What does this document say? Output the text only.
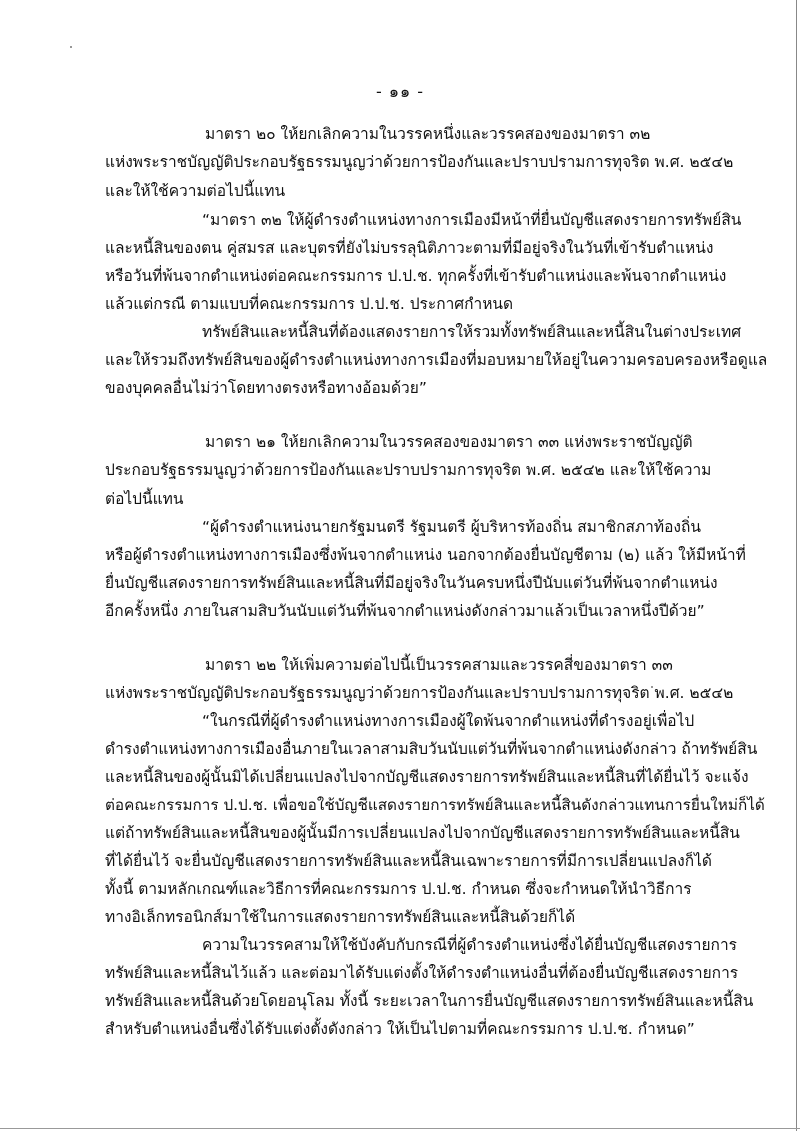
- ๑๑ -
มาตรา ๒๐ ให้ยกเลิกความในวรรคหนึ่งและวรรคสองของมาตรา ๓๒
แห่งพระราชบัญญัติประกอบรัฐธรรมนูญว่าด้วยการป้องกันและปราบปรามการทุจริต พ.ศ. ๒๕๔๒
และให้ใช้ความต่อไปนี้แทน
“มาตรา ๓๒ ให้ผู้ดำรงตำแหน่งทางการเมืองมีหน้าที่ยื่นบัญชีแสดงรายการทรัพย์สิน
และหนี้สินของตน คู่สมรส และบุตรที่ยังไม่บรรลุนิติภาวะตามที่มีอยู่จริงในวันที่เข้ารับตำแหน่ง
หรือวันที่พ้นจากตำแหน่งต่อคณะกรรมการ ป.ป.ช. ทุกครั้งที่เข้ารับตำแหน่งและพ้นจากตำแหน่ง
แล้วแต่กรณี ตามแบบที่คณะกรรมการ ป.ป.ช. ประกาศกำหนด
ทรัพย์สินและหนี้สินที่ต้องแสดงรายการให้รวมทั้งทรัพย์สินและหนี้สินในต่างประเทศ
และให้รวมถึงทรัพย์สินของผู้ดำรงตำแหน่งทางการเมืองที่มอบหมายให้อยู่ในความครอบครองหรือดูแล
ของบุคคลอื่นไม่ว่าโดยทางตรงหรือทางอ้อมด้วย”
มาตรา ๒๑ ให้ยกเลิกความในวรรคสองของมาตรา ๓๓ แห่งพระราชบัญญัติ
ประกอบรัฐธรรมนูญว่าด้วยการป้องกันและปราบปรามการทุจริต พ.ศ. ๒๕๔๒ และให้ใช้ความ
ต่อไปนี้แทน
“ผู้ดำรงตำแหน่งนายกรัฐมนตรี รัฐมนตรี ผู้บริหารท้องถิ่น สมาชิกสภาท้องถิ่น
หรือผู้ดำรงตำแหน่งทางการเมืองซึ่งพ้นจากตำแหน่ง นอกจากต้องยื่นบัญชีตาม (๒) แล้ว ให้มีหน้าที่
ยื่นบัญชีแสดงรายการทรัพย์สินและหนี้สินที่มีอยู่จริงในวันครบหนึ่งปีนับแต่วันที่พ้นจากตำแหน่ง
อีกครั้งหนึ่ง ภายในสามสิบวันนับแต่วันที่พ้นจากตำแหน่งดังกล่าวมาแล้วเป็นเวลาหนึ่งปีด้วย”
มาตรา ๒๒ ให้เพิ่มความต่อไปนี้เป็นวรรคสามและวรรคสี่ของมาตรา ๓๓
แห่งพระราชบัญญัติประกอบรัฐธรรมนูญว่าด้วยการป้องกันและปราบปรามการทุจริต พ.ศ. ๒๕๔๒
“ในกรณีที่ผู้ดำรงตำแหน่งทางการเมืองผู้ใดพ้นจากตำแหน่งที่ดำรงอยู่เพื่อไป
ดำรงตำแหน่งทางการเมืองอื่นภายในเวลาสามสิบวันนับแต่วันที่พ้นจากตำแหน่งดังกล่าว ถ้าทรัพย์สิน
และหนี้สินของผู้นั้นมิได้เปลี่ยนแปลงไปจากบัญชีแสดงรายการทรัพย์สินและหนี้สินที่ได้ยื่นไว้ จะแจ้ง
ต่อคณะกรรมการ ป.ป.ช. เพื่อขอใช้บัญชีแสดงรายการทรัพย์สินและหนี้สินดังกล่าวแทนการยื่นใหม่ก็ได้
แต่ถ้าทรัพย์สินและหนี้สินของผู้นั้นมีการเปลี่ยนแปลงไปจากบัญชีแสดงรายการทรัพย์สินและหนี้สิน
ที่ได้ยื่นไว้ จะยื่นบัญชีแสดงรายการทรัพย์สินและหนี้สินเฉพาะรายการที่มีการเปลี่ยนแปลงก็ได้
ทั้งนี้ ตามหลักเกณฑ์และวิธีการที่คณะกรรมการ ป.ป.ช. กำหนด ซึ่งจะกำหนดให้นำวิธีการ
ทางอิเล็กทรอนิกส์มาใช้ในการแสดงรายการทรัพย์สินและหนี้สินด้วยก็ได้
ความในวรรคสามให้ใช้บังคับกับกรณีที่ผู้ดำรงตำแหน่งซึ่งได้ยื่นบัญชีแสดงรายการ
ทรัพย์สินและหนี้สินไว้แล้ว และต่อมาได้รับแต่งตั้งให้ดำรงตำแหน่งอื่นที่ต้องยื่นบัญชีแสดงรายการ
ทรัพย์สินและหนี้สินด้วยโดยอนุโลม ทั้งนี้ ระยะเวลาในการยื่นบัญชีแสดงรายการทรัพย์สินและหนี้สิน
สำหรับตำแหน่งอื่นซึ่งได้รับแต่งตั้งดังกล่าว ให้เป็นไปตามที่คณะกรรมการ ป.ป.ช. กำหนด”
